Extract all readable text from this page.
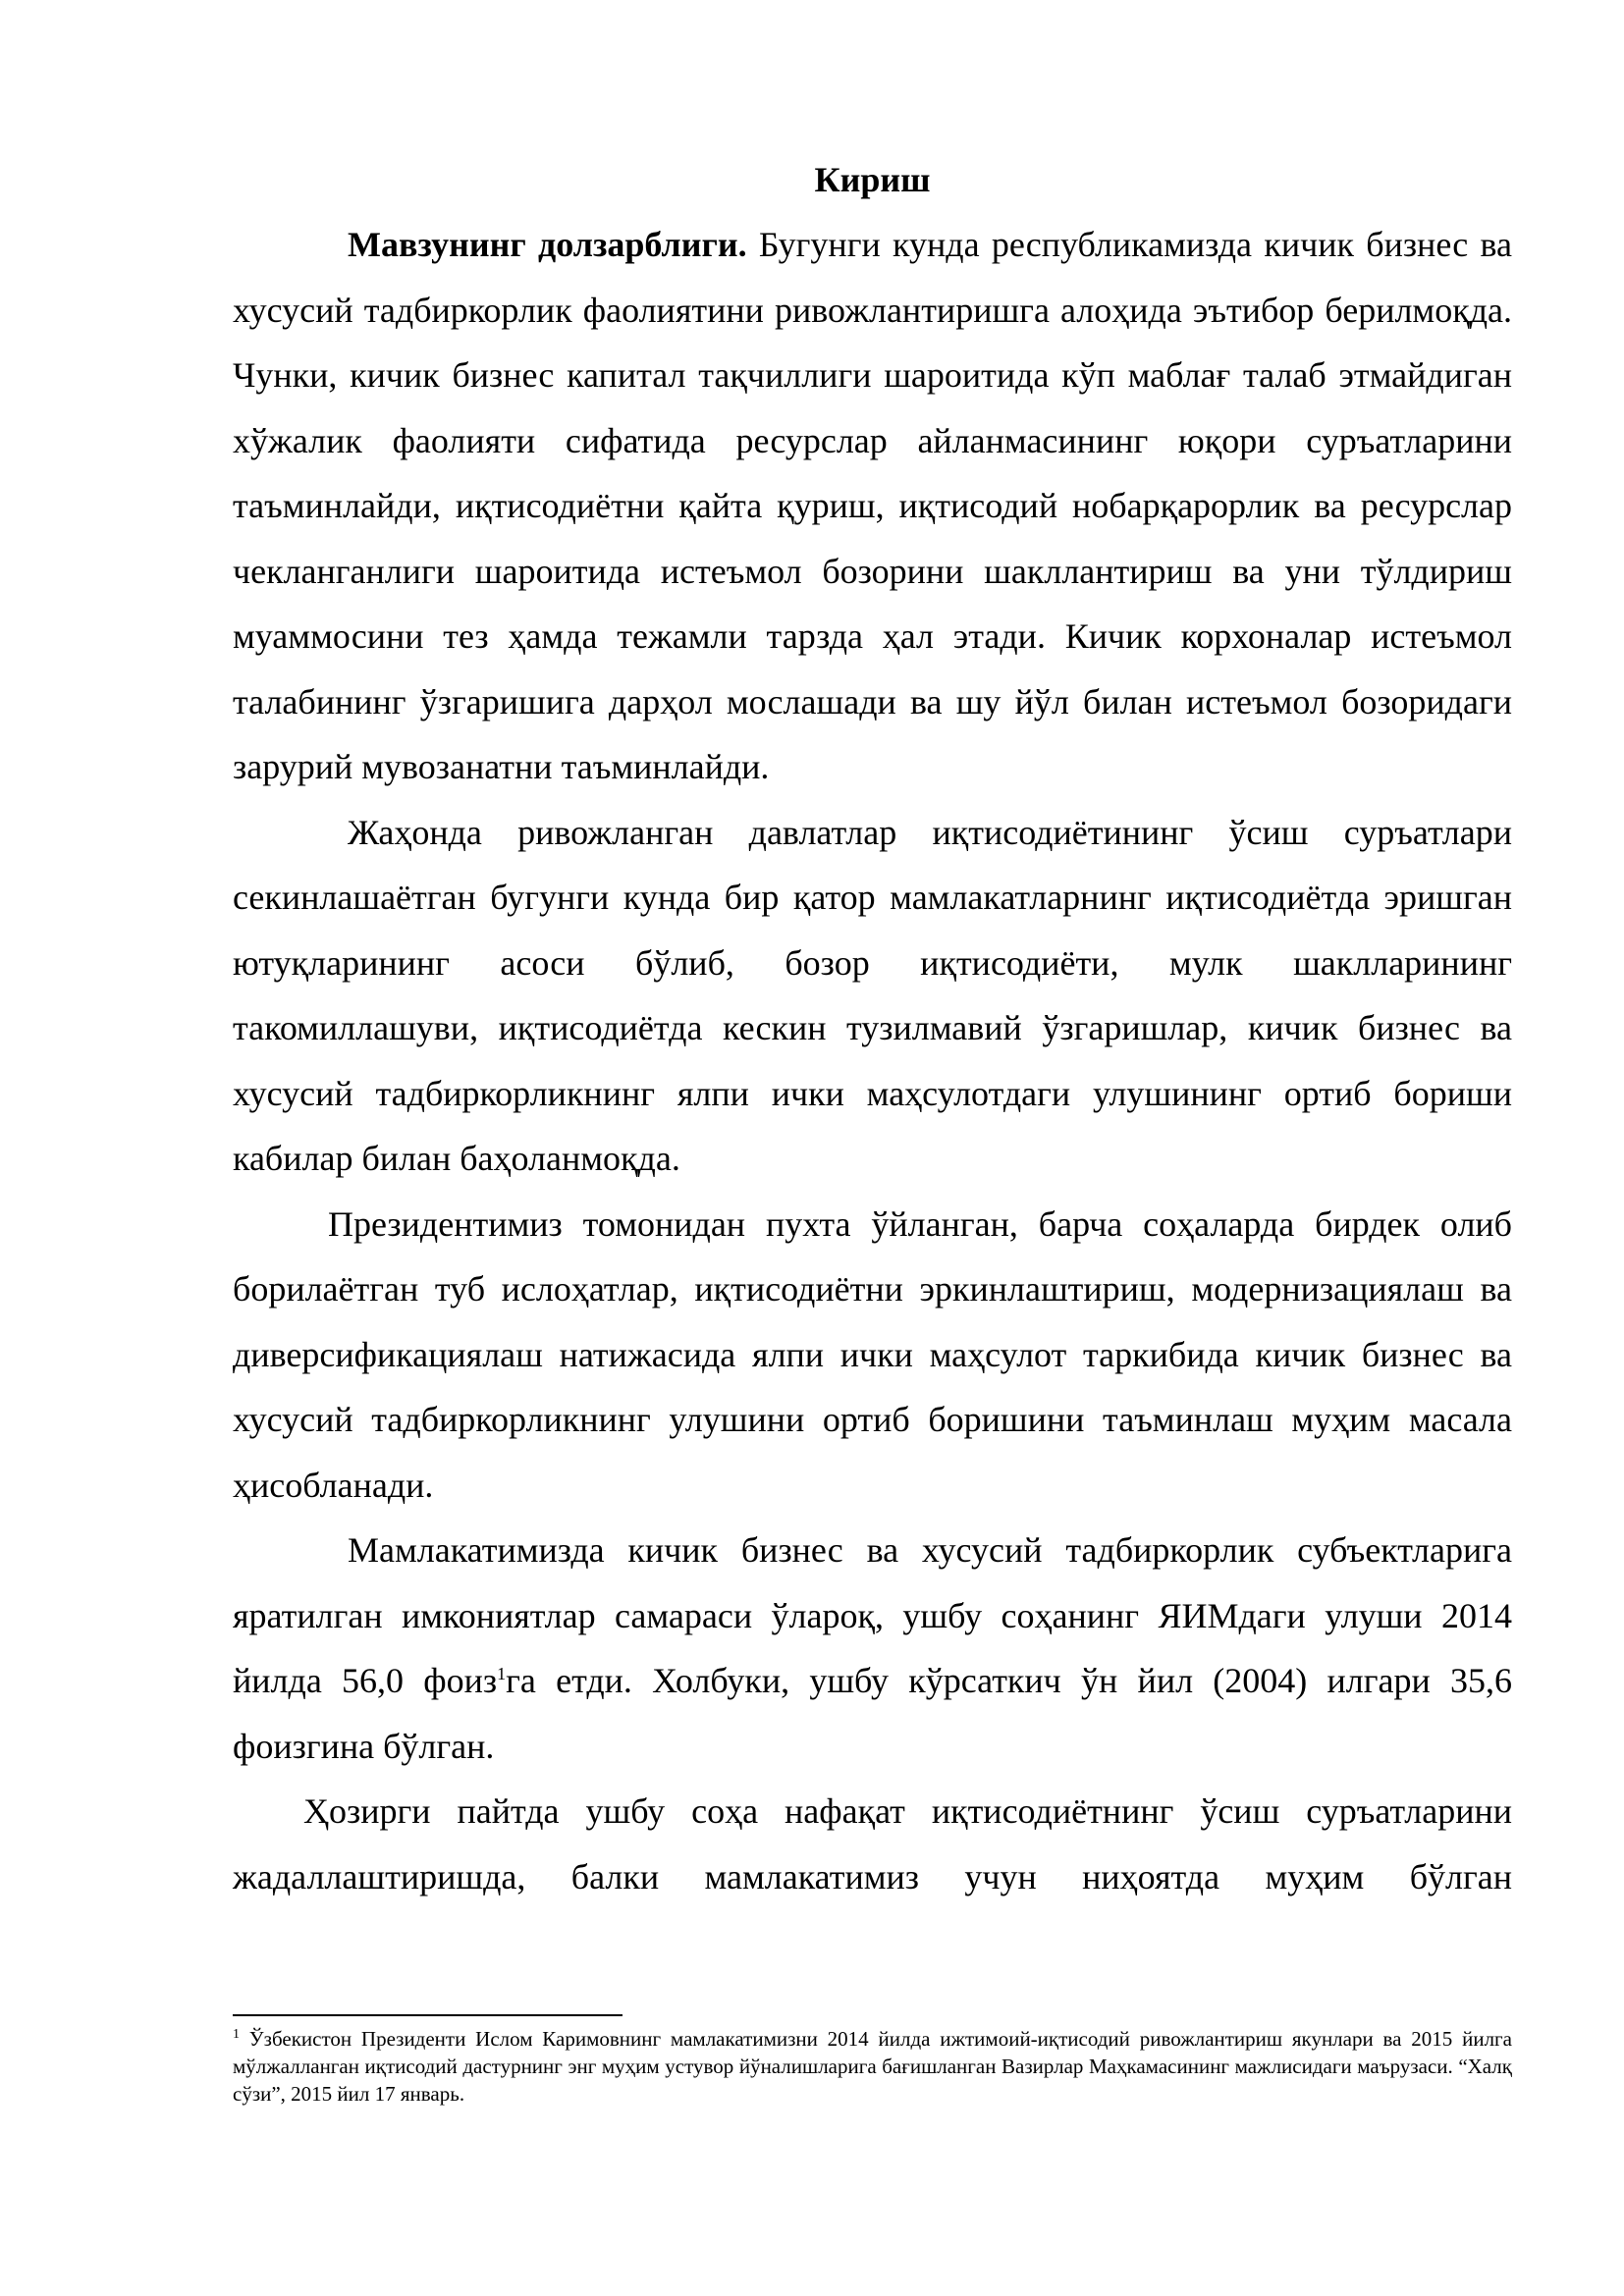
Кириш

Мавзунинг долзарблиги. Бугунги кунда республикамизда кичик бизнес ва хусусий тадбиркорлик фаолиятини ривожлантиришга алоҳида эътибор берилмоқда. Чунки, кичик бизнес капитал тақчиллиги шароитида кўп маблағ талаб этмайдиган хўжалик фаолияти сифатида ресурслар айланмасининг юқори суръатларини таъминлайди, иқтисодиётни қайта қуриш, иқтисодий нобарқарорлик ва ресурслар чекланганлиги шароитида истеъмол бозорини шакллантириш ва уни тўлдириш муаммосини тез ҳамда тежамли тарзда ҳал этади. Кичик корхоналар истеъмол талабининг ўзгаришига дарҳол мослашади ва шу йўл билан истеъмол бозоридаги зарурий мувозанатни таъминлайди.

Жаҳонда ривожланган давлатлар иқтисодиётининг ўсиш суръатлари секинлашаётган бугунги кунда бир қатор мамлакатларнинг иқтисодиётда эришган ютуқларининг асоси бўлиб, бозор иқтисодиёти, мулк шаклларининг такомиллашуви, иқтисодиётда кескин тузилмавий ўзгаришлар, кичик бизнес ва хусусий тадбиркорликнинг ялпи ички маҳсулотдаги улушининг ортиб бориши кабилар билан баҳоланмоқда.

Президентимиз томонидан пухта ўйланган, барча соҳаларда бирдек олиб борилаётган туб ислоҳатлар, иқтисодиётни эркинлаштириш, модернизациялаш ва диверсификациялаш натижасида ялпи ички маҳсулот таркибида кичик бизнес ва хусусий тадбиркорликнинг улушини ортиб боришини таъминлаш муҳим масала ҳисобланади.

Мамлакатимизда кичик бизнес ва хусусий тадбиркорлик субъектларига яратилган имкониятлар самараси ўлароқ, ушбу соҳанинг ЯИМдаги улуши 2014 йилда 56,0 фоиз$^1$га етди. Холбуки, ушбу кўрсаткич ўн йил (2004) илгари 35,6 фоизгина бўлган.

Ҳозирги пайтда ушбу соҳа нафақат иқтисодиётнинг ўсиш суръатларини жадаллаштиришда, балки мамлакатимиз учун ниҳоятда муҳим бўлган

$^1$ Ўзбекистон Президенти Ислом Каримовнинг мамлакатимизни 2014 йилда ижтимоий-иқтисодий ривожлантириш якунлари ва 2015 йилга мўлжалланган иқтисодий дастурнинг энг муҳим устувор йўналишларига бағишланган Вазирлар Маҳкамасининг мажлисидаги маърузаси. “Халқ сўзи”, 2015 йил 17 январь.
